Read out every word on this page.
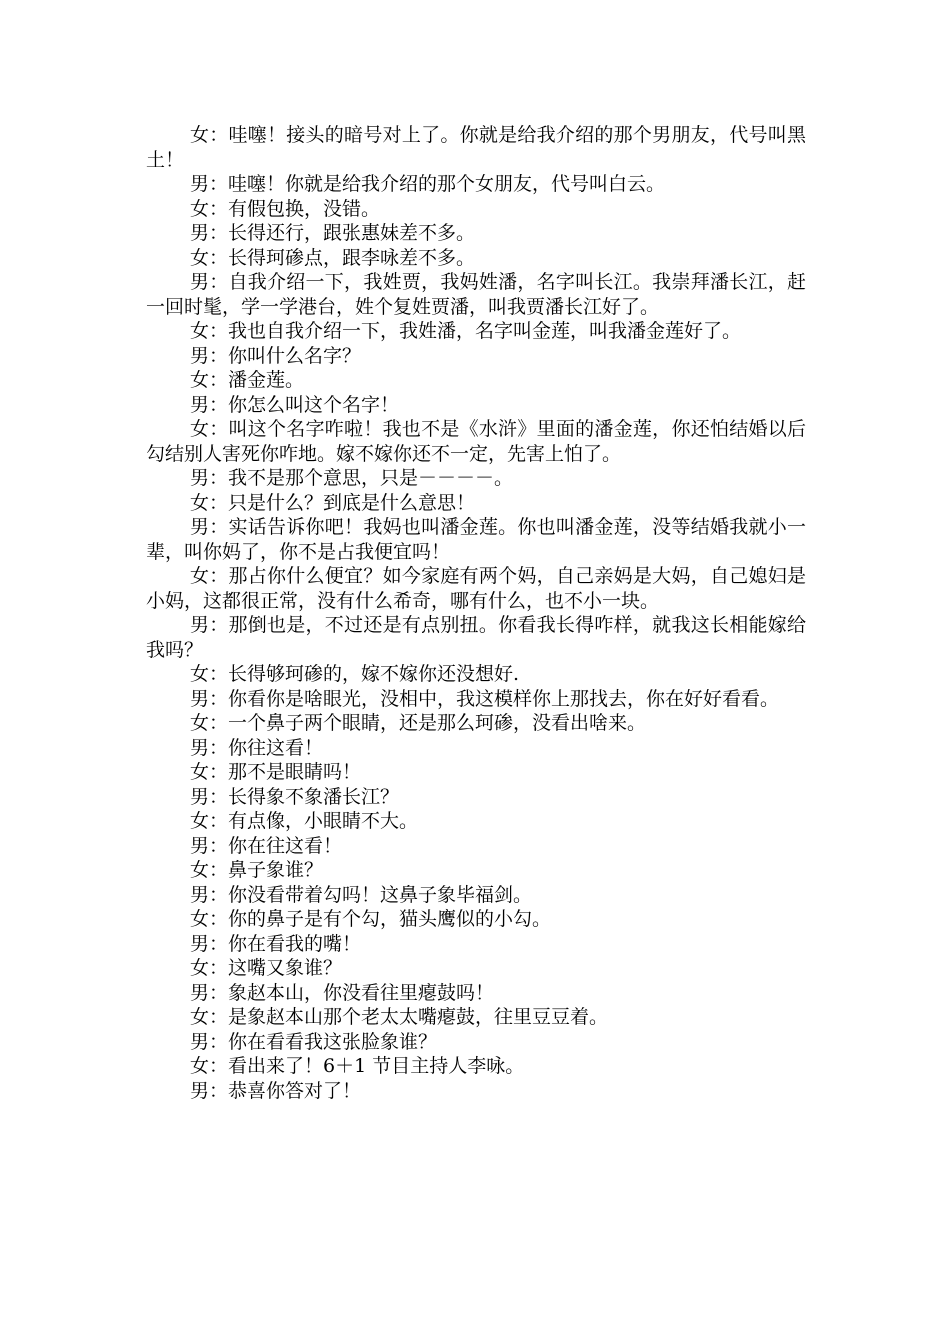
女：哇噻！接头的暗号对上了。你就是给我介绍的那个男朋友，代号叫黑土！

男：哇噻！你就是给我介绍的那个女朋友，代号叫白云。

女：有假包换，没错。

男：长得还行，跟张惠妹差不多。

女：长得珂碜点，跟李咏差不多。

男：自我介绍一下，我姓贾，我妈姓潘，名字叫长江。我崇拜潘长江，赶一回时髦，学一学港台，姓个复姓贾潘，叫我贾潘长江好了。

女：我也自我介绍一下，我姓潘，名字叫金莲，叫我潘金莲好了。

男：你叫什么名字？

女：潘金莲。

男：你怎么叫这个名字！

女：叫这个名字咋啦！我也不是《水浒》里面的潘金莲，你还怕结婚以后勾结别人害死你咋地。嫁不嫁你还不一定，先害上怕了。

男：我不是那个意思，只是－－－－。

女：只是什么？到底是什么意思！

男：实话告诉你吧！我妈也叫潘金莲。你也叫潘金莲，没等结婚我就小一辈，叫你妈了，你不是占我便宜吗！

女：那占你什么便宜？如今家庭有两个妈，自己亲妈是大妈，自己媳妇是小妈，这都很正常，没有什么希奇，哪有什么，也不小一块。

男：那倒也是，不过还是有点别扭。你看我长得咋样，就我这长相能嫁给我吗？

女：长得够珂碜的，嫁不嫁你还没想好.

男：你看你是啥眼光，没相中，我这模样你上那找去，你在好好看看。

女：一个鼻子两个眼睛，还是那么珂碜，没看出啥来。

男：你往这看！

女：那不是眼睛吗！

男：长得象不象潘长江？

女：有点像，小眼睛不大。

男：你在往这看！

女：鼻子象谁？

男：你没看带着勾吗！这鼻子象毕福剑。

女：你的鼻子是有个勾，猫头鹰似的小勾。

男：你在看我的嘴！

女：这嘴又象谁？

男：象赵本山，你没看往里瘪鼓吗！

女：是象赵本山那个老太太嘴瘪鼓，往里豆豆着。

男：你在看看我这张脸象谁？

女：看出来了！6＋1 节目主持人李咏。

男：恭喜你答对了！
